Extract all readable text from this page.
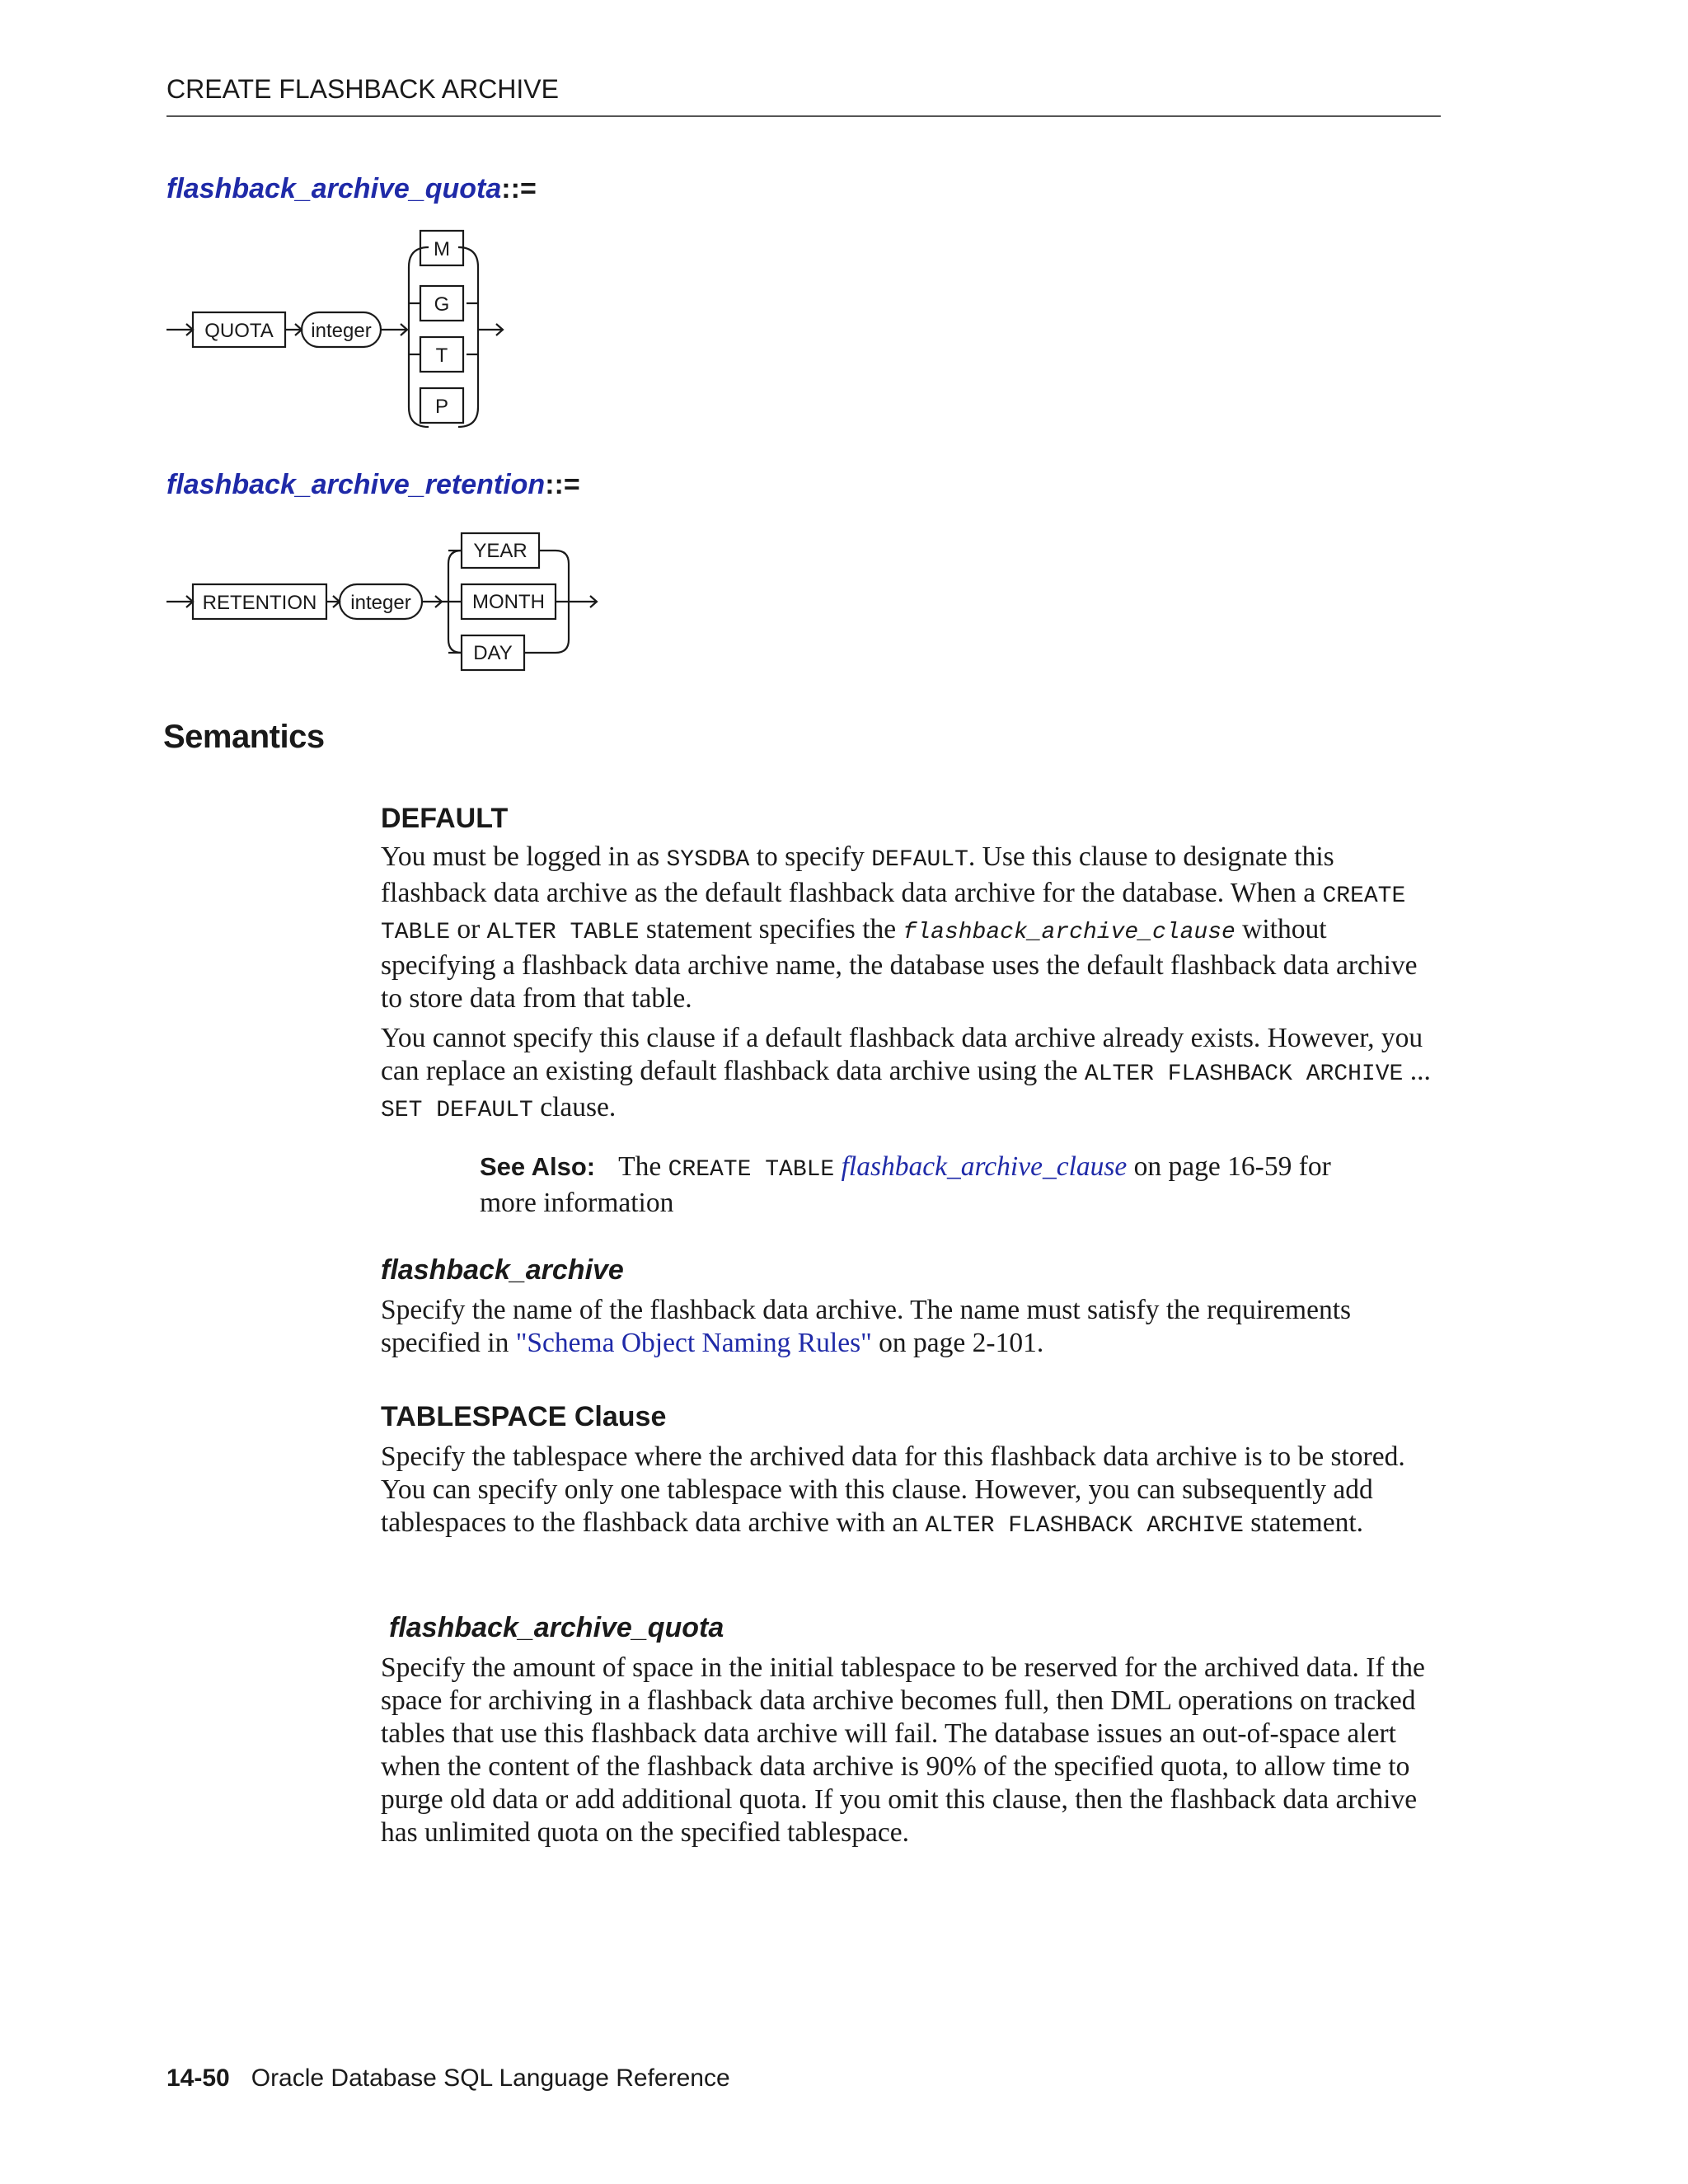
CREATE FLASHBACK ARCHIVE
flashback_archive_quota::=
QUOTA integer
M
G
T
P
flashback_archive_retention::=
RETENTION integer
YEAR
MONTH
DAY
Semantics
DEFAULT
You must be logged in as SYSDBA to specify DEFAULT. Use this clause to designate this flashback data archive as the default flashback data archive for the database. When a CREATE TABLE or ALTER TABLE statement specifies the flashback_archive_clause without specifying a flashback data archive name, the database uses the default flashback data archive to store data from that table.
You cannot specify this clause if a default flashback data archive already exists. However, you can replace an existing default flashback data archive using the ALTER FLASHBACK ARCHIVE ... SET DEFAULT clause.
See Also: The CREATE TABLE flashback_archive_clause on page 16-59 for more information
flashback_archive
Specify the name of the flashback data archive. The name must satisfy the requirements specified in "Schema Object Naming Rules" on page 2-101.
TABLESPACE Clause
Specify the tablespace where the archived data for this flashback data archive is to be stored. You can specify only one tablespace with this clause. However, you can subsequently add tablespaces to the flashback data archive with an ALTER FLASHBACK ARCHIVE statement.
flashback_archive_quota
Specify the amount of space in the initial tablespace to be reserved for the archived data. If the space for archiving in a flashback data archive becomes full, then DML operations on tracked tables that use this flashback data archive will fail. The database issues an out-of-space alert when the content of the flashback data archive is 90% of the specified quota, to allow time to purge old data or add additional quota. If you omit this clause, then the flashback data archive has unlimited quota on the specified tablespace.
14-50 Oracle Database SQL Language Reference
